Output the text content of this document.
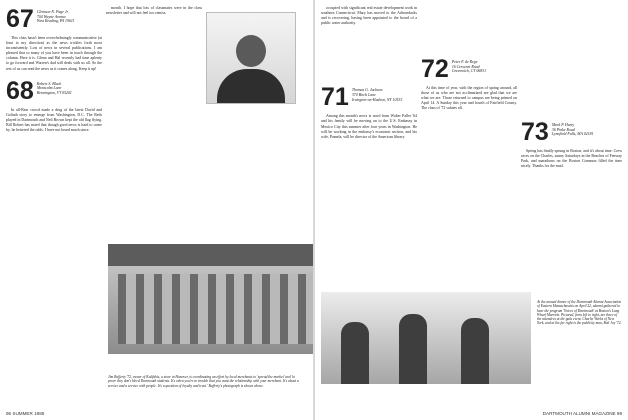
67 Clemson N. Page Jr.
704 Wayne Avenue
West Reading, PA 19611

This class hasn't been overwhelmingly communicative (at least to my direction) as the news trickles forth most inconsistently. Lots of news in several publications. I am pleased that so many of you have been in touch through the column. Here it is. Glenn and Hal recently had time aplenty to go forward and Warren's dad still deals with us all. So the rest of us can read the news as it comes along. Keep it up!

68 Robert S. Black
Montcalm Lane
Bennington, VT 05201

In all-Bear crowd made a drug of the latest David and Goliath story to emerge from Washington, D.C. The Reds played in Dartmouth and Neil Brown kept the old flag flying. Bill Robert has noted that though good news is hard to come by, he bettered the odds. I have not heard much since.

month. I hope that lots of classmates were in the class newsletter and will not feel too remiss.

Jim Rafferty '72, owner of Kalifakis, a store in Hanover, is coordinating an effort by local merchants to 'spread the market' and 'to prove they don't bleed Dartmouth students. It's when you're in trouble that you want the relationship with your merchant. It's about a service and a service with people. It's a question of loyalty and trust.' Rafferty's photograph is shown above.
96 SUMMER 1985

occupied with significant real estate development work in southern Connecticut. Mary has moved to the Adirondacks and is recovering, having been appointed to the board of a public water authority.

71 Thomas G. Jackson
370 Birch Lane
Irvington-on-Hudson, NY 10533

Among this month's news is word from Walter Paller '64 and his family will be moving on to the U.S. Embassy in Mexico City this summer after four years in Washington. He will be working in the embassy's economic section, and his wife, Pamela, will be director of the American library.

72 Peter F. de Rege
16 Crescent Road
Greenwich, CT 06831

At this time of year, with the region of spring around, all those of us who are not acclimatized are glad that we are what we are. Those returned to campus are being primed on April 14. A Sunday this year and fourth of Fairfield County. The class of '72 salutes all.

73 Mark P. Harty
36 Pinke Road
Lynnfield Falls, MA 02181

Spring has finally sprung in Boston, and it's about time. Crew races on the Charles, sunny Saturdays in the Beaches of Fenway Park, and marathons on the Boston Common filled the time nicely. Thanks for the mail.

At the annual dinner of the Dartmouth Alumni Association of Eastern Massachusetts on April 22, alumni gathered to hear the program 'Voices of Dartmouth' at Boston's Long Wharf Marriott. Pictured, from left to right, are three of the attendees at the gala event. Charlie Weeks of New York, and at the far right is the publicity man, Bob Joy '72.
DARTMOUTH ALUMNI MAGAZINE 99
